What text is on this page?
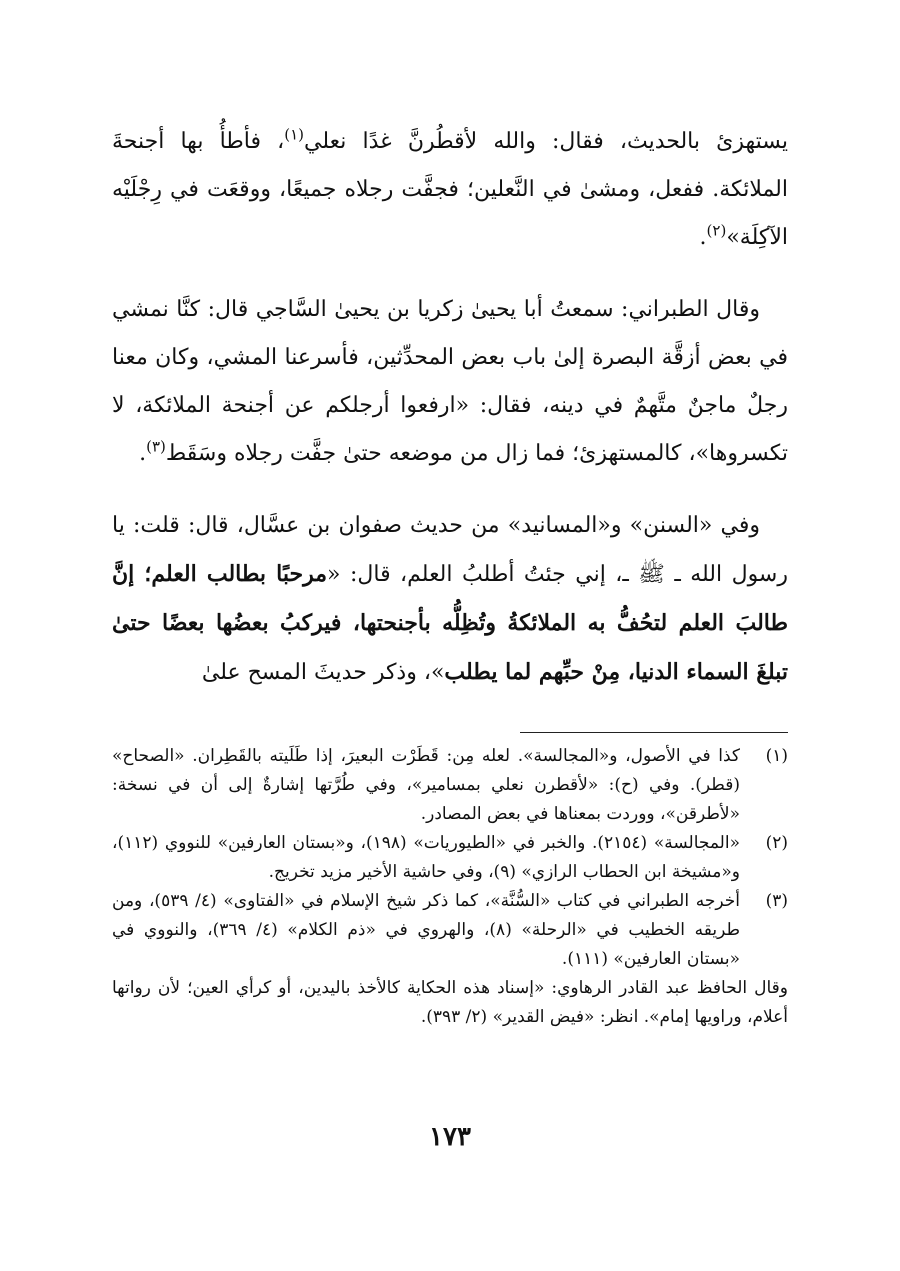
يستهزئ بالحديث، فقال: والله لأقطُرنَّ غدًا نعلي$^{(١)}$، فأطأُ بها أجنحةَ الملائكة. ففعل، ومشىٰ في النَّعلين؛ فجفَّت رجلاه جميعًا، ووقعَت في رِجْلَيْه الآكِلَة»$^{(٢)}$.

وقال الطبراني: سمعتُ أبا يحيىٰ زكريا بن يحيىٰ السَّاجي قال: كنَّا نمشي في بعض أزقَّة البصرة إلىٰ باب بعض المحدِّثين، فأسرعنا المشي، وكان معنا رجلٌ ماجنٌ متَّهمٌ في دينه، فقال: «ارفعوا أرجلكم عن أجنحة الملائكة، لا تكسروها»، كالمستهزئ؛ فما زال من موضعه حتىٰ جفَّت رجلاه وسَقَط$^{(٣)}$.

وفي «السنن» و«المسانيد» من حديث صفوان بن عسَّال، قال: قلت: يا رسول الله ـ ﷺ ـ، إني جئتُ أطلبُ العلم، قال: «مرحبًا بطالب العلم؛ إنَّ طالبَ العلم لتحُفُّ به الملائكةُ وتُظِلُّه بأجنحتها، فيركبُ بعضُها بعضًا حتىٰ تبلغَ السماء الدنيا، مِنْ حبِّهم لما يطلب»، وذكر حديثَ المسح علىٰ

(١)
كذا في الأصول، و«المجالسة». لعله مِن: قَطَرْت البعيرَ، إذا طَلَيته بالقَطِران. «الصحاح» (قطر). وفي (ح): «لأقطرن نعلي بمسامير»، وفي طُرَّتها إشارةٌ إلى أن في نسخة: «لأطرقن»، ووردت بمعناها في بعض المصادر.
(٢)
«المجالسة» (٢١٥٤). والخبر في «الطيوريات» (١٩٨)، و«بستان العارفين» للنووي (١١٢)، و«مشيخة ابن الحطاب الرازي» (٩)، وفي حاشية الأخير مزيد تخريج.
(٣)
أخرجه الطبراني في كتاب «السُّنَّة»، كما ذكر شيخ الإسلام في «الفتاوى» (٤/ ٥٣٩)، ومن طريقه الخطيب في «الرحلة» (٨)، والهروي في «ذم الكلام» (٤/ ٣٦٩)، والنووي في «بستان العارفين» (١١١).

وقال الحافظ عبد القادر الرهاوي: «إسناد هذه الحكاية كالأخذ باليدين، أو كرأي العين؛ لأن رواتها أعلام، وراويها إمام». انظر: «فيض القدير» (٢/ ٣٩٣).

١٧٣
